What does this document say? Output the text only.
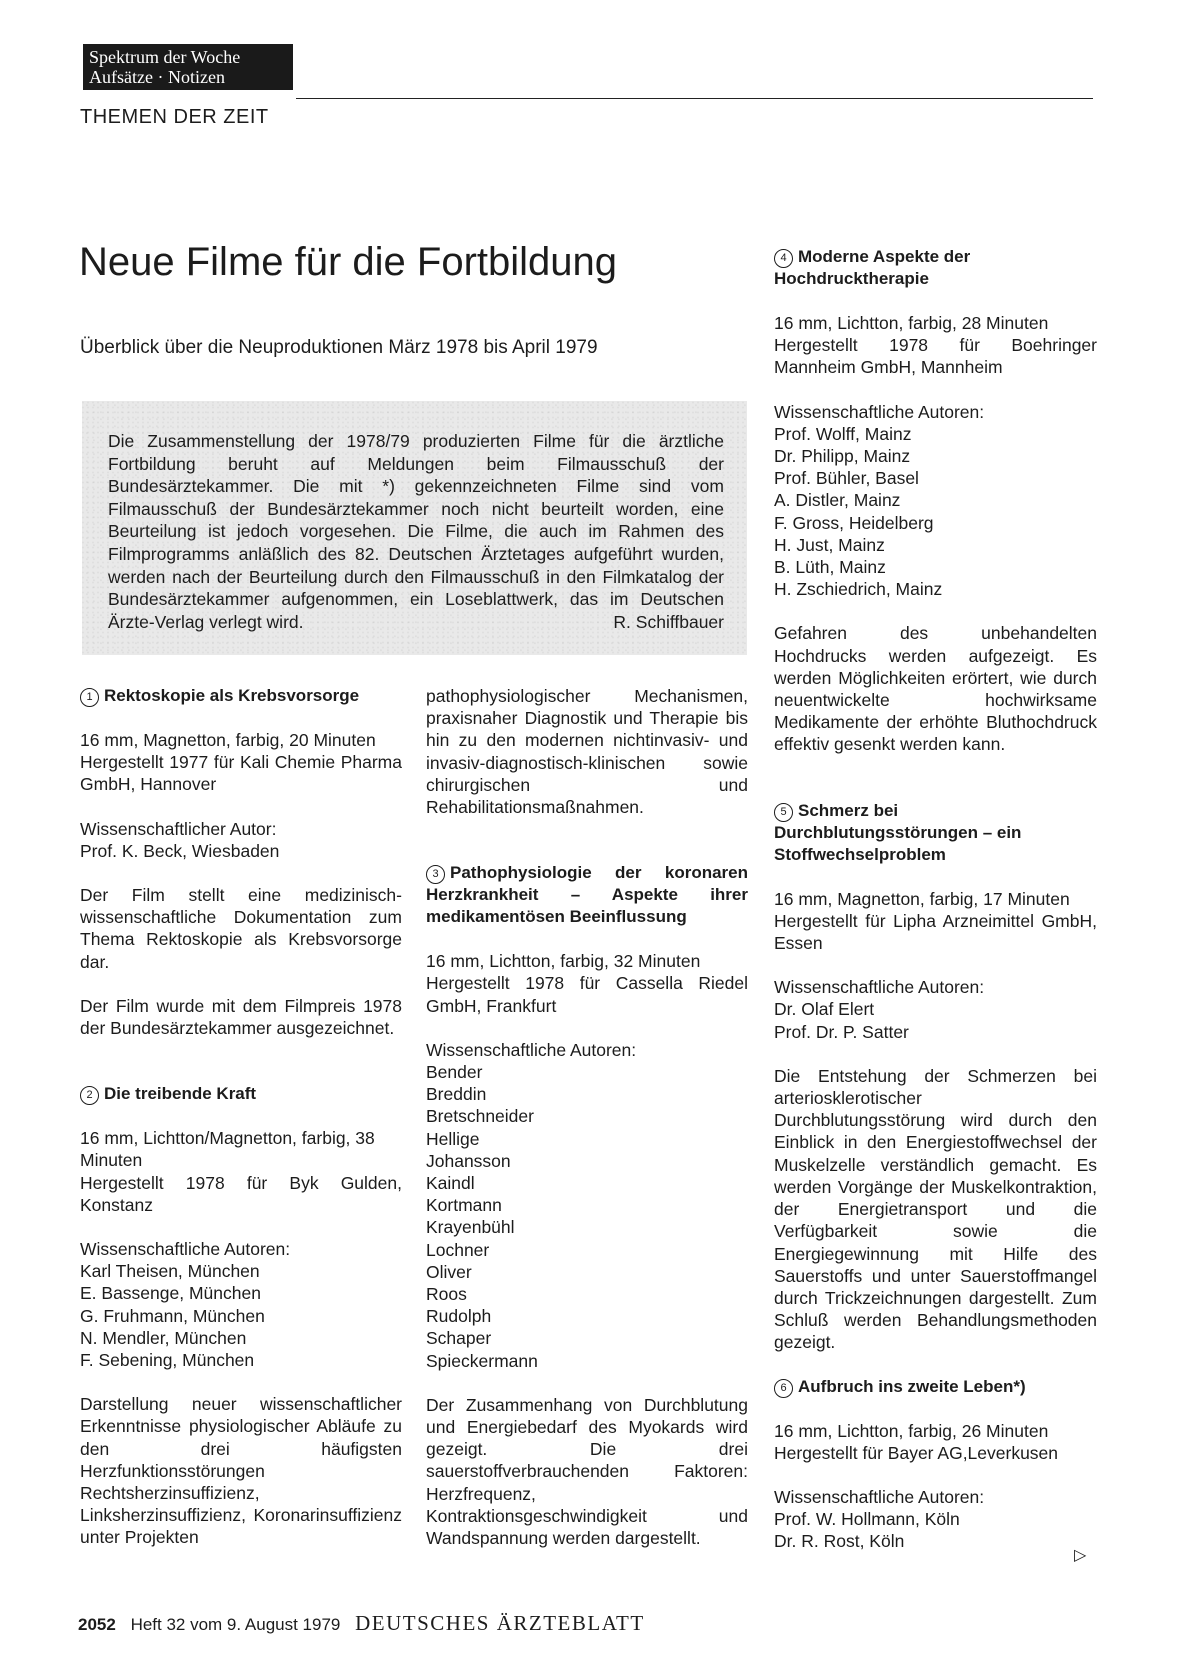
Spektrum der Woche
Aufsätze · Notizen
THEMEN DER ZEIT
Neue Filme für die Fortbildung
Überblick über die Neuproduktionen März 1978 bis April 1979
Die Zusammenstellung der 1978/79 produzierten Filme für die ärztliche Fortbildung beruht auf Meldungen beim Filmausschuß der Bundesärztekammer. Die mit *) gekennzeichneten Filme sind vom Filmausschuß der Bundesärztekammer noch nicht beurteilt worden, eine Beurteilung ist jedoch vorgesehen. Die Filme, die auch im Rahmen des Filmprogramms anläßlich des 82. Deutschen Ärztetages aufgeführt wurden, werden nach der Beurteilung durch den Filmausschuß in den Filmkatalog der Bundesärztekammer aufgenommen, ein Loseblattwerk, das im Deutschen Ärzte-Verlag verlegt wird.	R. Schiffbauer
1 Rektoskopie als Krebsvorsorge

16 mm, Magnetton, farbig, 20 Minuten

Hergestellt 1977 für Kali Chemie Pharma GmbH, Hannover

Wissenschaftlicher Autor:

Prof. K. Beck, Wiesbaden

Der Film stellt eine medizinisch-wissenschaftliche Dokumentation zum Thema Rektoskopie als Krebsvorsorge dar.

Der Film wurde mit dem Filmpreis 1978 der Bundesärztekammer ausgezeichnet.

2 Die treibende Kraft

16 mm, Lichtton/Magnetton, farbig, 38 Minuten

Hergestellt 1978 für Byk Gulden, Konstanz

Wissenschaftliche Autoren:

Karl Theisen, München

E. Bassenge, München

G. Fruhmann, München

N. Mendler, München

F. Sebening, München

Darstellung neuer wissenschaftlicher Erkenntnisse physiologischer Abläufe zu den drei häufigsten Herzfunktionsstörungen Rechtsherzinsuffizienz, Linksherzinsuffizienz, Koronarinsuffizienz unter Projekten

pathophysiologischer Mechanismen, praxisnaher Diagnostik und Therapie bis hin zu den modernen nichtinvasiv- und invasiv-diagnostisch-klinischen sowie chirurgischen und Rehabilitationsmaßnahmen.

3 Pathophysiologie der koronaren Herzkrankheit – Aspekte ihrer medikamentösen Beeinflussung

16 mm, Lichtton, farbig, 32 Minuten

Hergestellt 1978 für Cassella Riedel GmbH, Frankfurt

Wissenschaftliche Autoren:

Bender

Breddin

Bretschneider

Hellige

Johansson

Kaindl

Kortmann

Krayenbühl

Lochner

Oliver

Roos

Rudolph

Schaper

Spieckermann

Der Zusammenhang von Durchblutung und Energiebedarf des Myokards wird gezeigt. Die drei sauerstoffverbrauchenden Faktoren: Herzfrequenz, Kontraktionsgeschwindigkeit und Wandspannung werden dargestellt.

4 Moderne Aspekte der Hochdrucktherapie

16 mm, Lichtton, farbig, 28 Minuten

Hergestellt 1978 für Boehringer Mannheim GmbH, Mannheim

Wissenschaftliche Autoren:

Prof. Wolff, Mainz

Dr. Philipp, Mainz

Prof. Bühler, Basel

A. Distler, Mainz

F. Gross, Heidelberg

H. Just, Mainz

B. Lüth, Mainz

H. Zschiedrich, Mainz

Gefahren des unbehandelten Hochdrucks werden aufgezeigt. Es werden Möglichkeiten erörtert, wie durch neuentwickelte hochwirksame Medikamente der erhöhte Bluthochdruck effektiv gesenkt werden kann.

5 Schmerz bei Durchblutungsstörungen – ein Stoffwechselproblem

16 mm, Magnetton, farbig, 17 Minuten

Hergestellt für Lipha Arzneimittel GmbH, Essen

Wissenschaftliche Autoren:

Dr. Olaf Elert

Prof. Dr. P. Satter

Die Entstehung der Schmerzen bei arteriosklerotischer Durchblutungsstörung wird durch den Einblick in den Energiestoffwechsel der Muskelzelle verständlich gemacht. Es werden Vorgänge der Muskelkontraktion, der Energietransport und die Verfügbarkeit sowie die Energiegewinnung mit Hilfe des Sauerstoffs und unter Sauerstoffmangel durch Trickzeichnungen dargestellt. Zum Schluß werden Behandlungsmethoden gezeigt.

6 Aufbruch ins zweite Leben*)

16 mm, Lichtton, farbig, 26 Minuten

Hergestellt für Bayer AG,Leverkusen

Wissenschaftliche Autoren:

Prof. W. Hollmann, Köln

Dr. R. Rost, Köln

▷
2052 Heft 32 vom 9. August 1979 DEUTSCHES ÄRZTEBLATT
